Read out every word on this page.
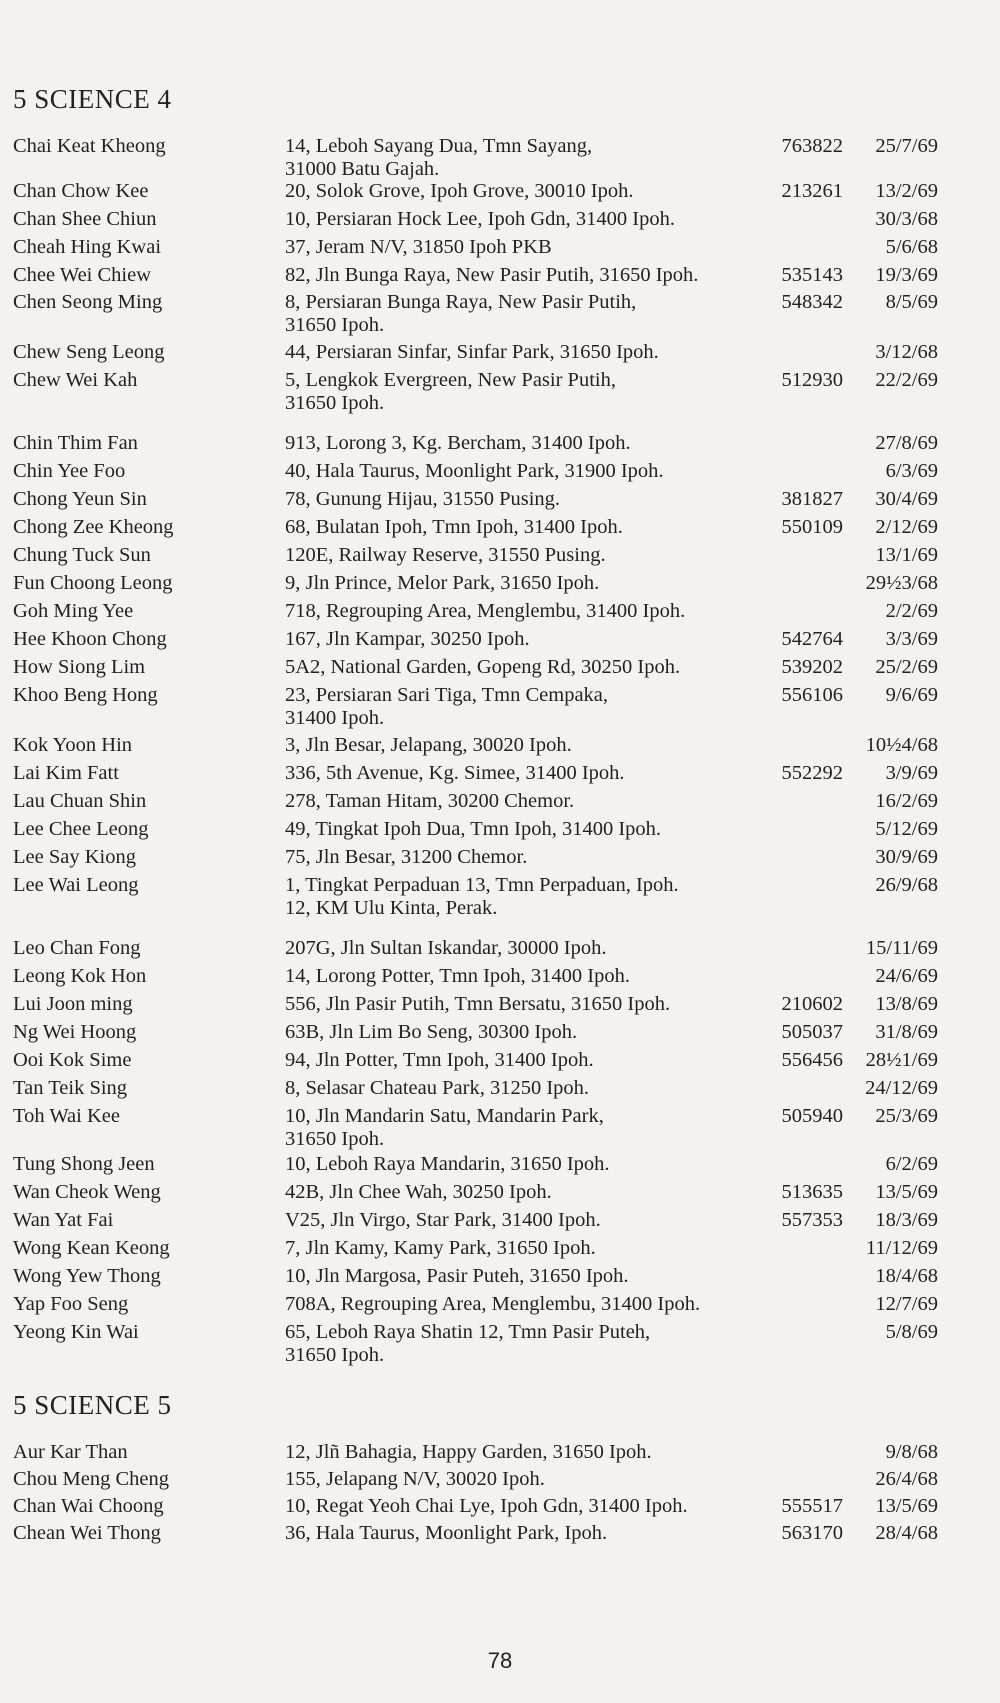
5 SCIENCE 4
Chai Keat Kheong	14, Leboh Sayang Dua, Tmn Sayang,
31000 Batu Gajah.
763822 25/7/69
Chan Chow Kee	20, Solok Grove, Ipoh Grove, 30010 Ipoh.	213261 13/2/69
Chan Shee Chiun	10, Persiaran Hock Lee, Ipoh Gdn, 31400 Ipoh.	30/3/68
Cheah Hing Kwai	37, Jeram N/V, 31850 Ipoh PKB	5/6/68
Chee Wei Chiew	82, Jln Bunga Raya, New Pasir Putih, 31650 Ipoh.	535143 19/3/69
Chen Seong Ming	8, Persiaran Bunga Raya, New Pasir Putih,
31650 Ipoh.
548342 8/5/69
Chew Seng Leong	44, Persiaran Sinfar, Sinfar Park, 31650 Ipoh.	3/12/68
Chew Wei Kah	5, Lengkok Evergreen, New Pasir Putih,
31650 Ipoh.
512930 22/2/69
Chin Thim Fan	913, Lorong 3, Kg. Bercham, 31400 Ipoh.	27/8/69
Chin Yee Foo	40, Hala Taurus, Moonlight Park, 31900 Ipoh.	6/3/69
Chong Yeun Sin	78, Gunung Hijau, 31550 Pusing.	381827 30/4/69
Chong Zee Kheong	68, Bulatan Ipoh, Tmn Ipoh, 31400 Ipoh.	550109 2/12/69
Chung Tuck Sun	120E, Railway Reserve, 31550 Pusing.	13/1/69
Fun Choong Leong	9, Jln Prince, Melor Park, 31650 Ipoh.	29½3/68
Goh Ming Yee	718, Regrouping Area, Menglembu, 31400 Ipoh.	2/2/69
Hee Khoon Chong	167, Jln Kampar, 30250 Ipoh.	542764 3/3/69
How Siong Lim	5A2, National Garden, Gopeng Rd, 30250 Ipoh.	539202 25/2/69
Khoo Beng Hong	23, Persiaran Sari Tiga, Tmn Cempaka,
31400 Ipoh.
556106 9/6/69
Kok Yoon Hin	3, Jln Besar, Jelapang, 30020 Ipoh.	10½4/68
Lai Kim Fatt	336, 5th Avenue, Kg. Simee, 31400 Ipoh.	552292 3/9/69
Lau Chuan Shin	278, Taman Hitam, 30200 Chemor.	16/2/69
Lee Chee Leong	49, Tingkat Ipoh Dua, Tmn Ipoh, 31400 Ipoh.	5/12/69
Lee Say Kiong	75, Jln Besar, 31200 Chemor.	30/9/69
Lee Wai Leong	1, Tingkat Perpaduan 13, Tmn Perpaduan, Ipoh.
12, KM Ulu Kinta, Perak.
26/9/68
Leo Chan Fong	207G, Jln Sultan Iskandar, 30000 Ipoh.	15/11/69
Leong Kok Hon	14, Lorong Potter, Tmn Ipoh, 31400 Ipoh.	24/6/69
Lui Joon ming	556, Jln Pasir Putih, Tmn Bersatu, 31650 Ipoh.	210602 13/8/69
Ng Wei Hoong	63B, Jln Lim Bo Seng, 30300 Ipoh.	505037 31/8/69
Ooi Kok Sime	94, Jln Potter, Tmn Ipoh, 31400 Ipoh.	556456 28½1/69
Tan Teik Sing	8, Selasar Chateau Park, 31250 Ipoh.	24/12/69
Toh Wai Kee	10, Jln Mandarin Satu, Mandarin Park,
31650 Ipoh.
505940 25/3/69
Tung Shong Jeen	10, Leboh Raya Mandarin, 31650 Ipoh.	6/2/69
Wan Cheok Weng	42B, Jln Chee Wah, 30250 Ipoh.	513635 13/5/69
Wan Yat Fai	V25, Jln Virgo, Star Park, 31400 Ipoh.	557353 18/3/69
Wong Kean Keong	7, Jln Kamy, Kamy Park, 31650 Ipoh.	11/12/69
Wong Yew Thong	10, Jln Margosa, Pasir Puteh, 31650 Ipoh.	18/4/68
Yap Foo Seng	708A, Regrouping Area, Menglembu, 31400 Ipoh.	12/7/69
Yeong Kin Wai	65, Leboh Raya Shatin 12, Tmn Pasir Puteh,
31650 Ipoh.
5/8/69
5 SCIENCE 5
Aur Kar Than	12, Jlñ Bahagia, Happy Garden, 31650 Ipoh.	9/8/68
Chou Meng Cheng	155, Jelapang N/V, 30020 Ipoh.	26/4/68
Chan Wai Choong	10, Regat Yeoh Chai Lye, Ipoh Gdn, 31400 Ipoh.	555517 13/5/69
Chean Wei Thong	36, Hala Taurus, Moonlight Park, Ipoh.	563170 28/4/68
78
